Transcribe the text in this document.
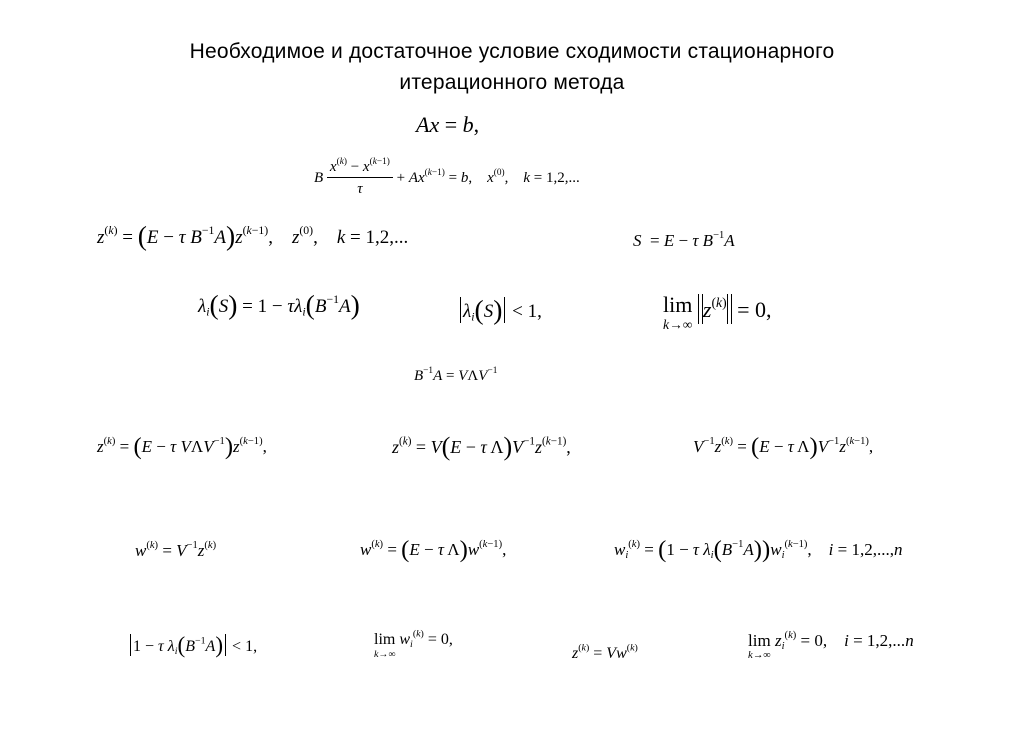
Необходимое и достаточное условие сходимости стационарного
итерационного метода
Ax = b,
B $\frac{x^{(k)} - x^{(k-1)}}{\tau} + Ax^{(k-1)} = b$,    $x^{(0)}$,    k = 1,2,...
$z^{(k)} = (E - \tau$ $B^{-1}A)z^{(k-1)}$,    $z^{(0)}$,    k = 1,2,...	S  = E − τ $B^{-1}A$
$\lambda_i(S) = 1 - \tau\lambda_i(B^{-1}A)$	$\lambda_i(S) < 1$,	lim
k→∞
$z^{(k)} = 0$,
$B^{-1}A = V\Lambda V^{-1}$
$z^{(k)} = (E - \tau$ $V\Lambda V^{-1})z^{(k-1)}$,	$z^{(k)} = V(E - \tau$ $\Lambda)V^{-1}z^{(k-1)}$,	$V^{-1}z^{(k)} = (E - \tau$ $\Lambda)V^{-1}z^{(k-1)}$,
$w^{(k)} = V^{-1}z^{(k)}$	$w^{(k)} = (E - \tau$ $\Lambda)w^{(k-1)}$,	$w_i^{(k)} = (1 - \tau$ $\lambda_i(B^{-1}A))w_i^{(k-1)}$,    i = 1,2,...,n
1 − τ $\lambda_i(B^{-1}A) < 1$,	lim
k→∞
$w_i^{(k)} = 0$,
$z^{(k)} = Vw^{(k)}$	lim
k→∞
$z_i^{(k)} = 0$,    i = 1,2,...n
